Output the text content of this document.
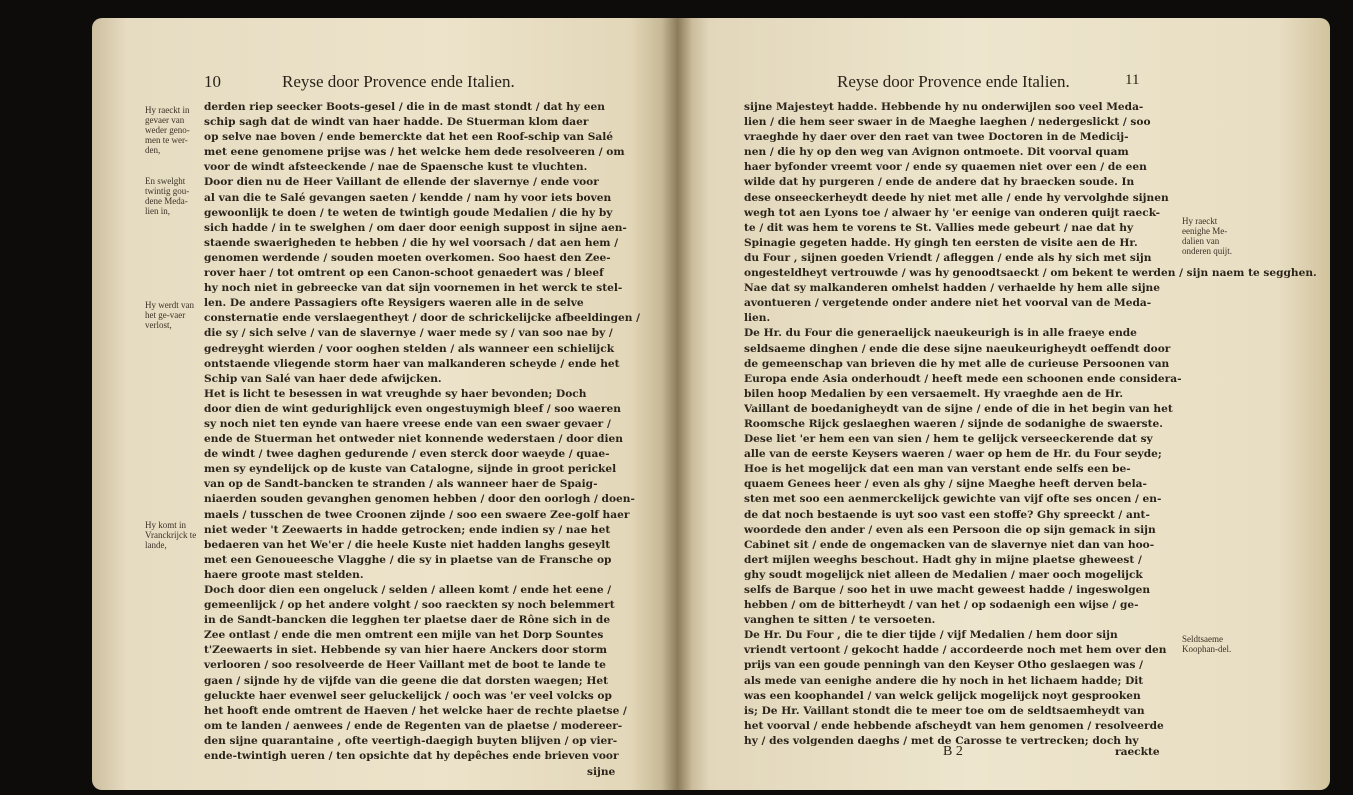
10	Reyse door Provence ende Italien.
Hy raeckt in gevaer van weder geno-men te wer-den,
En swelght twintig gou-dene Meda-lien in,
Hy werdt van het ge-vaer verlost,
Hy komt in Vranckrijck te lande,
derden riep seecker Boots-gesel / die in de mast stondt / dat hy een
schip sagh dat de windt van haer hadde. De Stuerman klom daer
op selve nae boven / ende bemerckte dat het een Roof-schip van Salé
met eene genomene prijse was / het welcke hem dede resolveeren / om
voor de windt afsteeckende / nae de Spaensche kust te vluchten.
Door dien nu de Heer Vaillant de ellende der slavernye / ende voor
al van die te Salé gevangen saeten / kendde / nam hy voor iets boven
gewoonlijk te doen / te weten de twintigh goude Medalien / die hy by
sich hadde / in te swelghen / om daer door eenigh suppost in sijne aen-
staende swaerigheden te hebben / die hy wel voorsach / dat aen hem /
genomen werdende / souden moeten overkomen. Soo haest den Zee-
rover haer / tot omtrent op een Canon-schoot genaedert was / bleef
hy noch niet in gebreecke van dat sijn voornemen in het werck te stel-
len. De andere Passagiers ofte Reysigers waeren alle in de selve
consternatie ende verslaegentheyt / door de schrickelijcke afbeeldingen /
die sy / sich selve / van de slavernye / waer mede sy / van soo nae by /
gedreyght wierden / voor ooghen stelden / als wanneer een schielijck
ontstaende vliegende storm haer van malkanderen scheyde / ende het
Schip van Salé van haer dede afwijcken.
Het is licht te besessen in wat vreughde sy haer bevonden; Doch
door dien de wint gedurighlijck even ongestuymigh bleef / soo waeren
sy noch niet ten eynde van haere vreese ende van een swaer gevaer /
ende de Stuerman het ontweder niet konnende wederstaen / door dien
de windt / twee daghen gedurende / even sterck door waeyde / quae-
men sy eyndelijck op de kuste van Catalogne, sijnde in groot perickel
van op de Sandt-bancken te stranden / als wanneer haer de Spaig-
niaerden souden gevanghen genomen hebben / door den oorlogh / doen-
maels / tusschen de twee Croonen zijnde / soo een swaere Zee-golf haer
niet weder 't Zeewaerts in hadde getrocken; ende indien sy / nae het
bedaeren van het We'er / die heele Kuste niet hadden langhs geseylt
met een Genoueesche Vlagghe / die sy in plaetse van de Fransche op
haere groote mast stelden.
Doch door dien een ongeluck / selden / alleen komt / ende het eene /
gemeenlijck / op het andere volght / soo raeckten sy noch belemmert
in de Sandt-bancken die legghen ter plaetse daer de Rône sich in de
Zee ontlast / ende die men omtrent een mijle van het Dorp Sountes
t'Zeewaerts in siet. Hebbende sy van hier haere Anckers door storm
verlooren / soo resolveerde de Heer Vaillant met de boot te lande te
gaen / sijnde hy de vijfde van die geene die dat dorsten waegen; Het
geluckte haer evenwel seer geluckelijck / ooch was 'er veel volcks op
het hooft ende omtrent de Haeven / het welcke haer de rechte plaetse /
om te landen / aenwees / ende de Regenten van de plaetse / modereer-
den sijne quarantaine , ofte veertigh-daegigh buyten blijven / op vier-
ende-twintigh ueren / ten opsichte dat hy depêches ende brieven voor
sijne
Reyse door Provence ende Italien.	11
Hy raeckt eenighe Me-dalien van onderen quijt.
Seldtsaeme Koophan-del.
sijne Majesteyt hadde. Hebbende hy nu onderwijlen soo veel Meda-
lien / die hem seer swaer in de Maeghe laeghen / nedergeslickt / soo
vraeghde hy daer over den raet van twee Doctoren in de Medicij-
nen / die hy op den weg van Avignon ontmoete. Dit voorval quam
haer byfonder vreemt voor / ende sy quaemen niet over een / de een
wilde dat hy purgeren / ende de andere dat hy braecken soude. In
dese onseeckerheydt deede hy niet met alle / ende hy vervolghde sijnen
wegh tot aen Lyons toe / alwaer hy 'er eenige van onderen quijt raeck-
te / dit was hem te vorens te St. Vallies mede gebeurt / nae dat hy
Spinagie gegeten hadde. Hy gingh ten eersten de visite aen de Hr.
du Four , sijnen goeden Vriendt / afleggen / ende als hy sich met sijn
ongesteldheyt vertrouwde / was hy genoodtsaeckt / om bekent te werden / sijn naem te segghen.
Nae dat sy malkanderen omhelst hadden / verhaelde hy hem alle sijne
avontueren / vergetende onder andere niet het voorval van de Meda-
lien.
De Hr. du Four die generaelijck naeukeurigh is in alle fraeye ende
seldsaeme dinghen / ende die dese sijne naeukeurigheydt oeffendt door
de gemeenschap van brieven die hy met alle de curieuse Persoonen van
Europa ende Asia onderhoudt / heeft mede een schoonen ende considera-
bilen hoop Medalien by een versaemelt. Hy vraeghde aen de Hr.
Vaillant de boedanigheydt van de sijne / ende of die in het begin van het
Roomsche Rijck geslaeghen waeren / sijnde de sodanighe de swaerste.
Dese liet 'er hem een van sien / hem te gelijck verseeckerende dat sy
alle van de eerste Keysers waeren / waer op hem de Hr. du Four seyde;
Hoe is het mogelijck dat een man van verstant ende selfs een be-
quaem Genees heer / even als ghy / sijne Maeghe heeft derven bela-
sten met soo een aenmerckelijck gewichte van vijf ofte ses oncen / en-
de dat noch bestaende is uyt soo vast een stoffe? Ghy spreeckt / ant-
woordede den ander / even als een Persoon die op sijn gemack in sijn
Cabinet sit / ende de ongemacken van de slavernye niet dan van hoo-
dert mijlen weeghs beschout. Hadt ghy in mijne plaetse gheweest /
ghy soudt mogelijck niet alleen de Medalien / maer ooch mogelijck
selfs de Barque / soo het in uwe macht geweest hadde / ingeswolgen
hebben / om de bitterheydt / van het / op sodaenigh een wijse / ge-
vanghen te sitten / te versoeten.
De Hr. Du Four , die te dier tijde / vijf Medalien / hem door sijn
vriendt vertoont / gekocht hadde / accordeerde noch met hem over den
prijs van een goude penningh van den Keyser Otho geslaegen was /
als mede van eenighe andere die hy noch in het lichaem hadde; Dit
was een koophandel / van welck gelijck mogelijck noyt gesprooken
is; De Hr. Vaillant stondt die te meer toe om de seldtsaemheydt van
het voorval / ende hebbende afscheydt van hem genomen / resolveerde
hy / des volgenden daeghs / met de Carosse te vertrecken; doch hy
B 2	raeckte
